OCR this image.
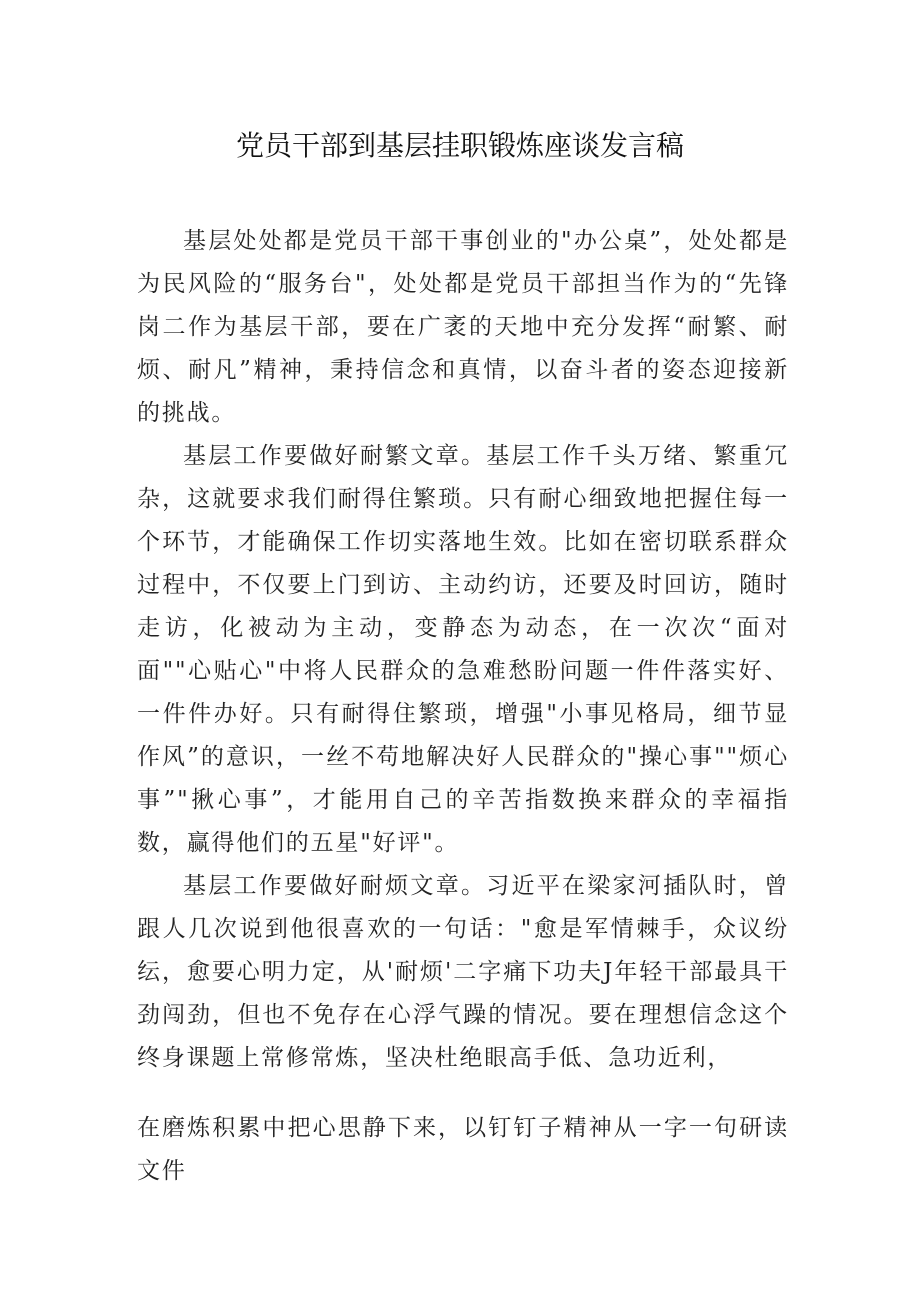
党员干部到基层挂职锻炼座谈发言稿

基层处处都是党员干部干事创业的"办公桌”，处处都是为民风险的“服务台"，处处都是党员干部担当作为的“先锋岗二作为基层干部，要在广袤的天地中充分发挥“耐繁、耐烦、耐凡”精神，秉持信念和真情，以奋斗者的姿态迎接新的挑战。

基层工作要做好耐繁文章。基层工作千头万绪、繁重冗杂，这就要求我们耐得住繁琐。只有耐心细致地把握住每一个环节，才能确保工作切实落地生效。比如在密切联系群众过程中，不仅要上门到访、主动约访，还要及时回访，随时走访，化被动为主动，变静态为动态，在一次次“面对面""心贴心"中将人民群众的急难愁盼问题一件件落实好、一件件办好。只有耐得住繁琐，增强"小事见格局，细节显作风”的意识，一丝不苟地解决好人民群众的"操心事""烦心事”"揪心事”，才能用自己的辛苦指数换来群众的幸福指数，赢得他们的五星"好评"。

基层工作要做好耐烦文章。习近平在梁家河插队时，曾跟人几次说到他很喜欢的一句话："愈是军情棘手，众议纷纭，愈要心明力定，从'耐烦'二字痛下功夫J年轻干部最具干劲闯劲，但也不免存在心浮气躁的情况。要在理想信念这个终身课题上常修常炼，坚决杜绝眼高手低、急功近利，

在磨炼积累中把心思静下来，以钉钉子精神从一字一句研读文件
